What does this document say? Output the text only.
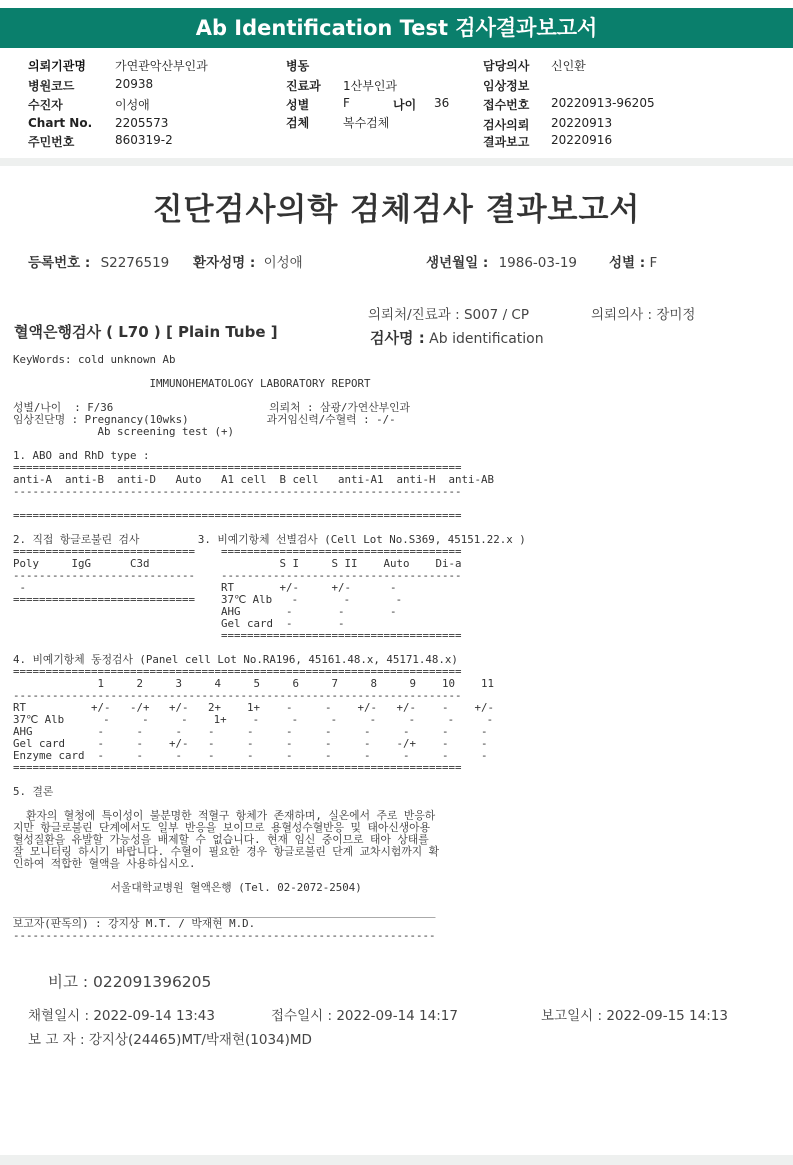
Ab Identification Test 검사결과보고서
의뢰기관명 가연관악산부인과
병원코드	20938
수진자	이성애
Chart No. 2205573
주민번호	860319-2
병동
진료과 1산부인과
성별	F	나이 36
검체	복수검체
담당의사 신인환
임상정보
접수번호 20220913-96205
검사의뢰 20220913
결과보고 20220916
진단검사의학 검체검사 결과보고서
등록번호 : S2276519 환자성명 : 이성애	생년월일 : 1986-03-19 성별 : F
의뢰처/진료과 : S007 / CP	의뢰의사 : 장미정
혈액은행검사 ( L70 ) [ Plain Tube ]	검사명 : Ab identification
KeyWords: cold unknown Ab

IMMUNOHEMATOLOGY LABORATORY REPORT

성별/나이  : F/36                        의뢰처 : 삼광/가연산부인과
임상진단명 : Pregnancy(10wks)            과거임신력/수혈력 : -/-
Ab screening test (+)

1. ABO and RhD type :
=====================================================================
anti-A  anti-B  anti-D   Auto   A1 cell  B cell   anti-A1  anti-H  anti-AB
---------------------------------------------------------------------

=====================================================================

2. 직접 항글로불린 검사         3. 비예기항체 선별검사 (Cell Lot No.S369, 45151.22.x )
============================    =====================================
Poly     IgG      C3d                    S I     S II    Auto    Di-a
----------------------------    -------------------------------------
-                              RT       +/-     +/-      -
============================    37℃ Alb   -       -       -
AHG       -       -       -
Gel card  -       -
=====================================

4. 비예기항체 동정검사 (Panel cell Lot No.RA196, 45161.48.x, 45171.48.x)
=====================================================================
1     2     3     4     5     6     7     8     9    10    11
---------------------------------------------------------------------
RT          +/-   -/+   +/-   2+    1+    -     -    +/-   +/-    -    +/-
37℃ Alb      -     -     -    1+    -     -     -     -     -     -     -
AHG          -     -     -    -     -     -     -     -     -     -     -
Gel card     -     -    +/-   -     -     -     -     -    -/+    -     -
Enzyme card  -     -     -    -     -     -     -     -     -     -     -
=====================================================================

5. 결론

환자의 혈청에 특이성이 불분명한 적혈구 항체가 존재하며, 실온에서 주로 반응하
지만 항글로불린 단계에서도 일부 반응을 보이므로 용혈성수혈반응 및 태아신생아용
혈성질환을 유발할 가능성을 배제할 수 없습니다. 현재 임신 중이므로 태아 상태를
잘 모니터링 하시기 바랍니다. 수혈이 필요한 경우 항글로불린 단계 교차시험까지 확
인하여 적합한 혈액을 사용하십시오.

서울대학교병원 혈액은행 (Tel. 02-2072-2504)

_________________________________________________________________
보고자(판독의) : 강지상 M.T. / 박재현 M.D.
-----------------------------------------------------------------
비고 : 022091396205
채혈일시 : 2022-09-14 13:43	접수일시 : 2022-09-14 14:17	보고일시 : 2022-09-15 14:13
보 고 자 : 강지상(24465)MT/박재현(1034)MD
